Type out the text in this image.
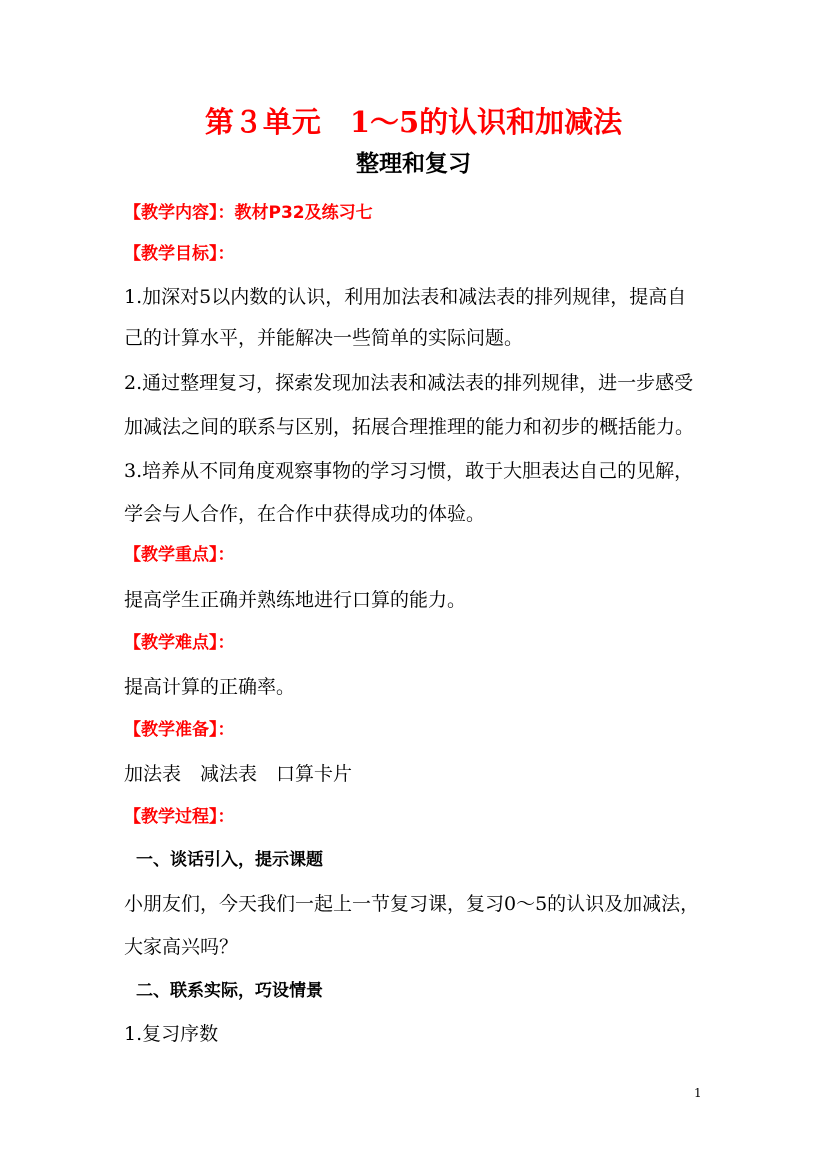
第３单元　1～5的认识和加减法
整理和复习
【教学内容】：教材P32及练习七
【教学目标】：
1.加深对5以内数的认识，利用加法表和减法表的排列规律，提高自
己的计算水平，并能解决一些简单的实际问题。
2.通过整理复习，探索发现加法表和减法表的排列规律，进一步感受
加减法之间的联系与区别，拓展合理推理的能力和初步的概括能力。
3.培养从不同角度观察事物的学习习惯，敢于大胆表达自己的见解，
学会与人合作，在合作中获得成功的体验。
【教学重点】：
提高学生正确并熟练地进行口算的能力。
【教学难点】：
提高计算的正确率。
【教学准备】：
加法表　减法表　口算卡片
【教学过程】：
一、谈话引入，提示课题
小朋友们，今天我们一起上一节复习课，复习0～5的认识及加减法，
大家高兴吗？
二、联系实际，巧设情景
1.复习序数
1
